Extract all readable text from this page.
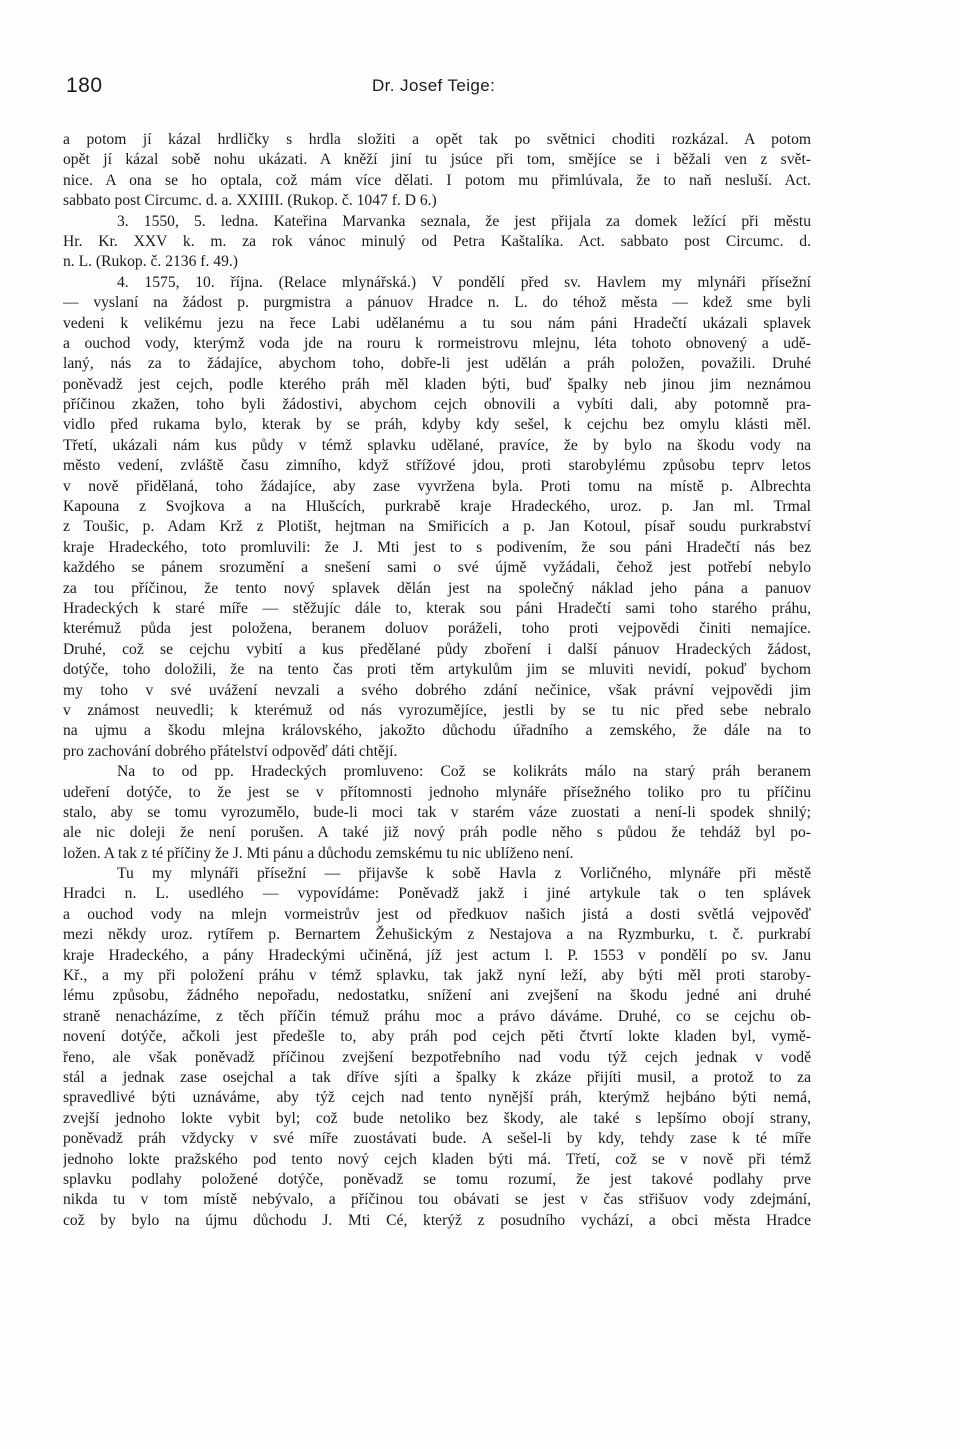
180	Dr. Josef Teige:
a potom jí kázal hrdličky s hrdla složiti a opět tak po světnici choditi rozkázal. A potom
opět jí kázal sobě nohu ukázati. A kněží jiní tu jsúce při tom, smějíce se i běžali ven z svět-
nice. A ona se ho optala, což mám více dělati. I potom mu přimlúvala, že to naň nesluší. Act.
sabbato post Circumc. d. a. XXIIII. (Rukop. č. 1047 f. D 6.)
3. 1550, 5. ledna. Kateřina Marvanka seznala, že jest přijala za domek ležící při městu
Hr. Kr. XXV k. m. za rok vánoc minulý od Petra Kaštalíka. Act. sabbato post Circumc. d.
n. L. (Rukop. č. 2136 f. 49.)
4. 1575, 10. října. (Relace mlynářská.) V pondělí před sv. Havlem my mlynáři přísežní
— vyslaní na žádost p. purgmistra a pánuov Hradce n. L. do téhož města — kdež sme byli
vedeni k velikému jezu na řece Labi udělanému a tu sou nám páni Hradečtí ukázali splavek
a ouchod vody, kterýmž voda jde na rouru k rormeistrovu mlejnu, léta tohoto obnovený a udě-
laný, nás za to žádajíce, abychom toho, dobře-li jest udělán a práh položen, považili. Druhé
poněvadž jest cejch, podle kterého práh měl kladen býti, buď špalky neb jinou jim neznámou
příčinou zkažen, toho byli žádostivi, abychom cejch obnovili a vybíti dali, aby potomně pra-
vidlo před rukama bylo, kterak by se práh, kdyby kdy sešel, k cejchu bez omylu klásti měl.
Třetí, ukázali nám kus půdy v témž splavku udělané, pravíce, že by bylo na škodu vody na
město vedení, zvláště času zimního, když střížové jdou, proti starobylému způsobu teprv letos
v nově přidělaná, toho žádajíce, aby zase vyvržena byla. Proti tomu na místě p. Albrechta
Kapouna z Svojkova a na Hlušcích, purkrabě kraje Hradeckého, uroz. p. Jan ml. Trmal
z Toušic, p. Adam Krž z Plotišt, hejtman na Smiřicích a p. Jan Kotoul, písař soudu purkrabství
kraje Hradeckého, toto promluvili: že J. Mti jest to s podivením, že sou páni Hradečtí nás bez
každého se pánem srozumění a snešení sami o své újmě vyžádali, čehož jest potřebí nebylo
za tou příčinou, že tento nový splavek dělán jest na společný náklad jeho pána a panuov
Hradeckých k staré míře — stěžujíc dále to, kterak sou páni Hradečtí sami toho starého práhu,
kterémuž půda jest položena, beranem doluov poráželi, toho proti vejpovědi činiti nemajíce.
Druhé, což se cejchu vybití a kus předělané půdy zboření i další pánuov Hradeckých žádost,
dotýče, toho doložili, že na tento čas proti těm artykulům jim se mluviti nevidí, pokuď bychom
my toho v své uvážení nevzali a svého dobrého zdání nečinice, však právní vejpovědi jim
v známost neuvedli; k kterémuž od nás vyrozumějíce, jestli by se tu nic před sebe nebralo
na ujmu a škodu mlejna královského, jakožto důchodu úřadního a zemského, že dále na to
pro zachování dobrého přátelství odpověď dáti chtějí.
Na to od pp. Hradeckých promluveno: Což se kolikráts málo na starý práh beranem
udeření dotýče, to že jest se v přítomnosti jednoho mlynáře přísežného toliko pro tu příčinu
stalo, aby se tomu vyrozumělo, bude-li moci tak v starém váze zuostati a není-li spodek shnilý;
ale nic doleji že není porušen. A také již nový práh podle něho s půdou že tehdáž byl po-
ložen. A tak z té příčiny že J. Mti pánu a důchodu zemskému tu nic ublíženo není.
Tu my mlynáři přísežní — přijavše k sobě Havla z Vorličného, mlynáře při městě
Hradci n. L. usedlého — vypovídáme: Poněvadž jakž i jiné artykule tak o ten splávek
a ouchod vody na mlejn vormeistrův jest od předkuov našich jistá a dosti světlá vejpověď
mezi někdy uroz. rytířem p. Bernartem Žehušickým z Nestajova a na Ryzmburku, t. č. purkrabí
kraje Hradeckého, a pány Hradeckými učiněná, jíž jest actum l. P. 1553 v pondělí po sv. Janu
Kř., a my při položení práhu v témž splavku, tak jakž nyní leží, aby býti měl proti staroby-
lému způsobu, žádného nepořadu, nedostatku, snížení ani zvejšení na škodu jedné ani druhé
straně nenacházíme, z těch příčin témuž práhu moc a právo dáváme. Druhé, co se cejchu ob-
novení dotýče, ačkoli jest předešle to, aby práh pod cejch pěti čtvrtí lokte kladen byl, vymě-
řeno, ale však poněvadž příčinou zvejšení bezpotřebního nad vodu týž cejch jednak v vodě
stál a jednak zase osejchal a tak dříve sjíti a špalky k zkáze přijíti musil, a protož to za
spravedlivé býti uznáváme, aby týž cejch nad tento nynější práh, kterýmž hejbáno býti nemá,
zvejší jednoho lokte vybit byl; což bude netoliko bez škody, ale také s lepšímo obojí strany,
poněvadž práh vždycky v své míře zuostávati bude. A sešel-li by kdy, tehdy zase k té míře
jednoho lokte pražského pod tento nový cejch kladen býti má. Třetí, což se v nově při témž
splavku podlahy položené dotýče, poněvadž se tomu rozumí, že jest takové podlahy prve
nikda tu v tom místě nebývalo, a příčinou tou obávati se jest v čas střišuov vody zdejmání,
což by bylo na újmu důchodu J. Mti Cé, kterýž z posudního vychází, a obci města Hradce
